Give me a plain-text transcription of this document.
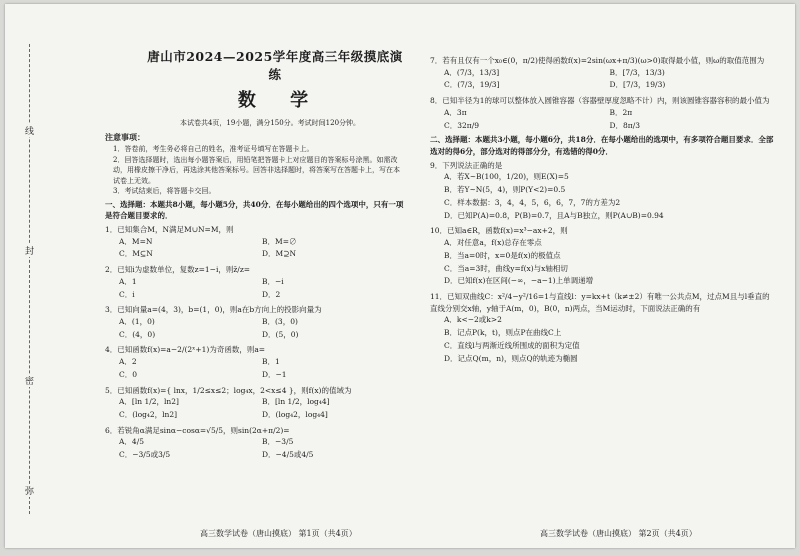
线
封
密
弥
唐山市2024—2025学年度高三年级摸底演练
数 学
本试卷共4页，19小题，满分150分。考试时间120分钟。
注意事项：
1．答卷前，考生务必将自己的姓名，准考证号填写在答题卡上。
2．回答选择题时，选出每小题答案后，用铅笔把答题卡上对应题目的答案标号涂黑。如需改动，用橡皮擦干净后，再选涂其他答案标号。回答非选择题时，将答案写在答题卡上，写在本试卷上无效。
3．考试结束后，将答题卡交回。
一、选择题：本题共8小题，每小题5分，共40分．在每小题给出的四个选项中，只有一项是符合题目要求的．
1．已知集合M，N满足M∪N=M，则
A．M=N	B．M=∅
C．M⊆N	D．M⊇N
2．已知i为虚数单位，复数z=1−i，则z̄/z=
A．1	B．−i
C．i	D．2
3．已知向量a=(4，3)，b=(1，0)，则a在b方向上的投影向量为
A．(1，0)	B．(3，0)
C．(4，0)	D．(5，0)
4．已知函数f(x)=a−2/(2ˣ+1)为奇函数，则a=
A．2	B．1
C．0	D．−1
5．已知函数f(x)={ lnx，1/2≤x≤2；log₄x，2<x≤4 }，则f(x)的值域为
A．[ln 1/2，ln2]	B．[ln 1/2，log₄4]
C．(log₄2，ln2]	D．(log₄2，log₄4]
6．若锐角α满足sinα−cosα=√5/5，则sin(2α+π/2)=
A．4/5	B．−3/5
C．−3/5或3/5	D．−4/5或4/5
7．若有且仅有一个x₀∈(0，π/2)使得函数f(x)=2sin(ωx+π/3)(ω>0)取得最小值，则ω的取值范围为
A．(7/3，13/3]	B．[7/3，13/3)
C．(7/3，19/3]	D．[7/3，19/3)
8．已知半径为1的球可以整体放入圆锥容器（容器壁厚度忽略不计）内，则该圆锥容器容积的最小值为
A．3π	B．2π
C．32π/9	D．8π/3
二、选择题：本题共3小题，每小题6分，共18分．在每小题给出的选项中，有多项符合题目要求．全部选对的得6分，部分选对的得部分分，有选错的得0分．
9．下列说法正确的是
A．若X~B(100，1/20)，则E(X)=5
B．若Y~N(5，4)，则P(Y<2)=0.5
C．样本数据：3，4，4，5，6，6，7，7的方差为2
D．已知P(A)=0.8，P(B)=0.7，且A与B独立，则P(A∪B)=0.94
10．已知a∈R，函数f(x)=x³−ax+2，则
A．对任意a，f(x)总存在零点
B．当a=0时，x=0是f(x)的极值点
C．当a=3时，曲线y=f(x)与x轴相切
D．已知f(x)在区间(−∞，−a−1)上单调递增
11．已知双曲线C：x²/4−y²/16=1与直线l：y=kx+t（k≠±2）有唯一公共点M，过点M且与l垂直的直线分别交x轴，y轴于A(m，0)，B(0，n)两点，当M运动时，下面说法正确的有
A．k<−2或k>2
B．记点P(k，t)，则点P在曲线C上
C．直线l与两渐近线所围成的面积为定值
D．记点Q(m，n)，则点Q的轨迹为椭圆
高三数学试卷（唐山摸底） 第1页（共4页）	高三数学试卷（唐山摸底） 第2页（共4页）
